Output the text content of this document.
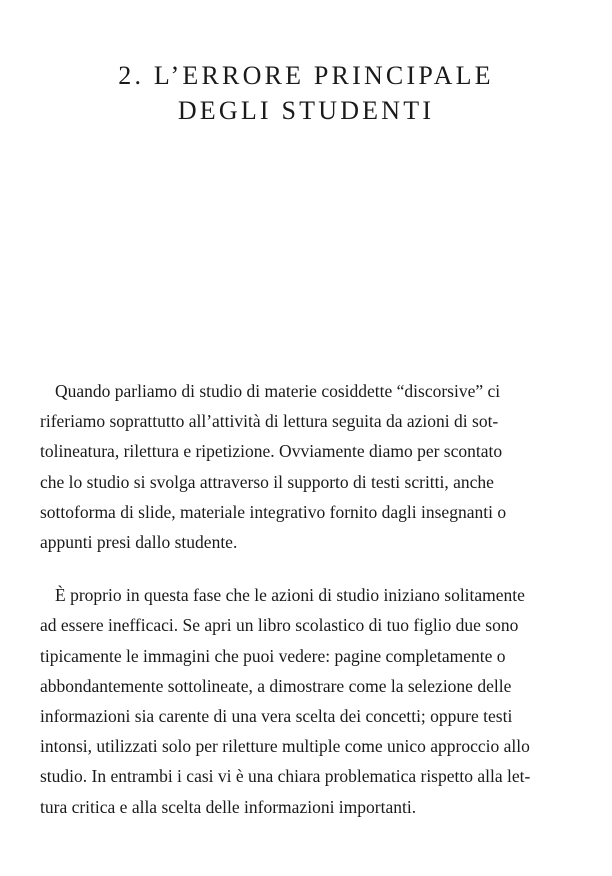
2. L’ERRORE PRINCIPALE
DEGLI STUDENTI

Quando parliamo di studio di materie cosiddette “discorsive” ci
riferiamo soprattutto all’attività di lettura seguita da azioni di sot-
tolineatura, rilettura e ripetizione. Ovviamente diamo per scontato
che lo studio si svolga attraverso il supporto di testi scritti, anche
sottoforma di slide, materiale integrativo fornito dagli insegnanti o
appunti presi dallo studente.

È proprio in questa fase che le azioni di studio iniziano solitamente
ad essere inefficaci. Se apri un libro scolastico di tuo figlio due sono
tipicamente le immagini che puoi vedere: pagine completamente o
abbondantemente sottolineate, a dimostrare come la selezione delle
informazioni sia carente di una vera scelta dei concetti; oppure testi
intonsi, utilizzati solo per riletture multiple come unico approccio allo
studio. In entrambi i casi vi è una chiara problematica rispetto alla let-
tura critica e alla scelta delle informazioni importanti.
